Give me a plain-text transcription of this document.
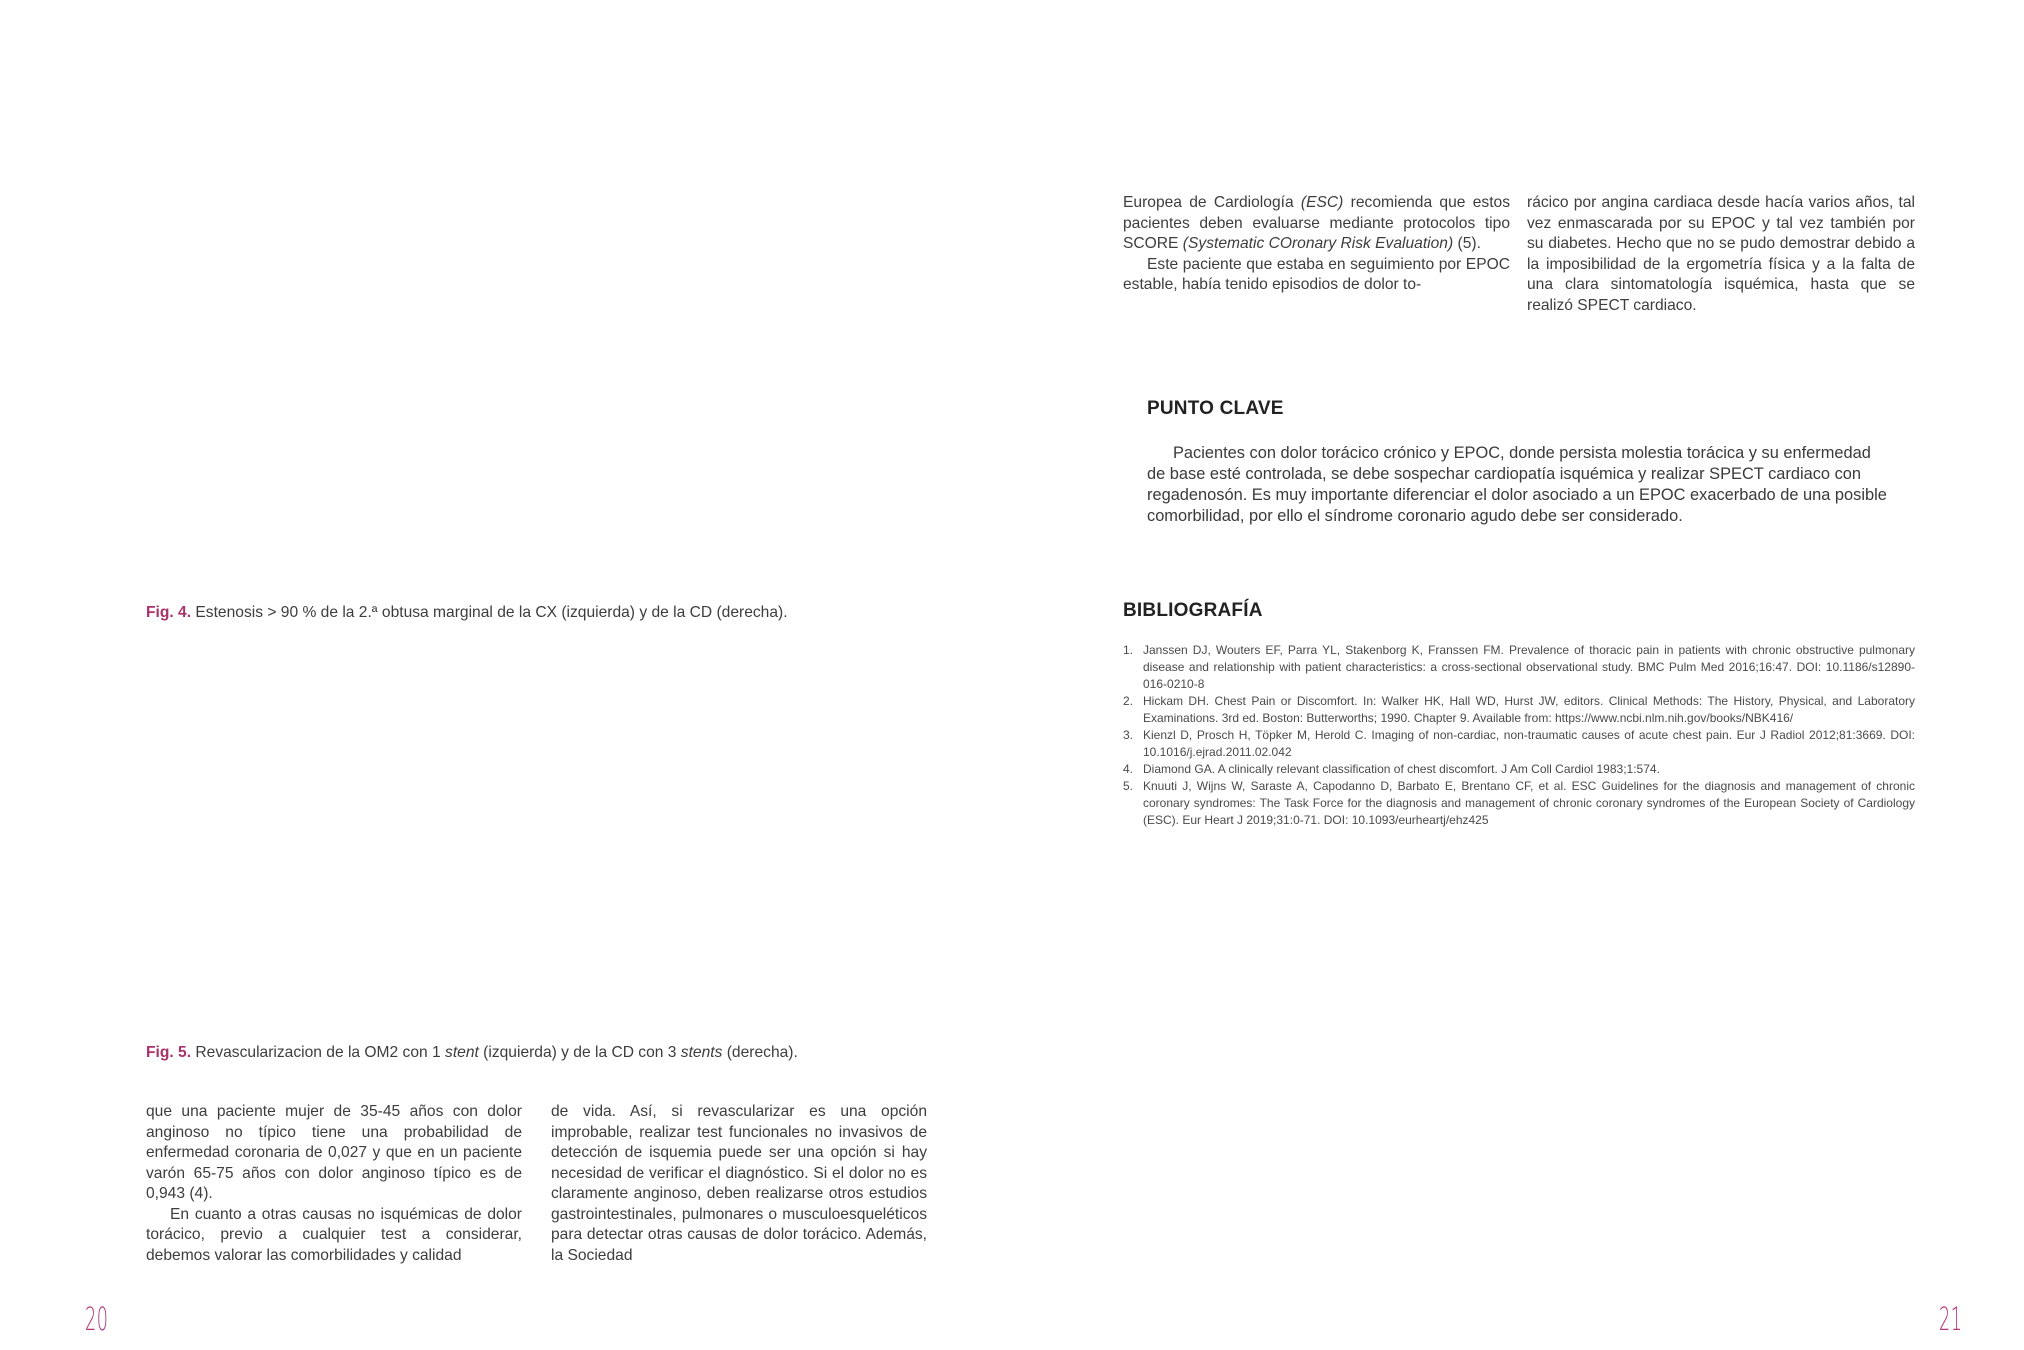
Fig. 4. Estenosis > 90 % de la 2.ª obtusa marginal de la CX (izquierda) y de la CD (derecha).
Fig. 5. Revascularizacion de la OM2 con 1 stent (izquierda) y de la CD con 3 stents (derecha).

que una paciente mujer de 35-45 años con dolor anginoso no típico tiene una probabilidad de enfermedad coronaria de 0,027 y que en un paciente varón 65-75 años con dolor anginoso típico es de 0,943 (4).

En cuanto a otras causas no isquémicas de dolor torácico, previo a cualquier test a considerar, debemos valorar las comorbilidades y calidad

de vida. Así, si revascularizar es una opción improbable, realizar test funcionales no invasivos de detección de isquemia puede ser una opción si hay necesidad de verificar el diagnóstico. Si el dolor no es claramente anginoso, deben realizarse otros estudios gastrointestinales, pulmonares o musculoesqueléticos para detectar otras causas de dolor torácico. Además, la Sociedad

20

Europea de Cardiología (ESC) recomienda que estos pacientes deben evaluarse mediante protocolos tipo SCORE (Systematic COronary Risk Evaluation) (5).

Este paciente que estaba en seguimiento por EPOC estable, había tenido episodios de dolor to-

rácico por angina cardiaca desde hacía varios años, tal vez enmascarada por su EPOC y tal vez también por su diabetes. Hecho que no se pudo demostrar debido a la imposibilidad de la ergometría física y a la falta de una clara sintomatología isquémica, hasta que se realizó SPECT cardiaco.

PUNTO CLAVE

Pacientes con dolor torácico crónico y EPOC, donde persista molestia torácica y su enfermedad de base esté controlada, se debe sospechar cardiopatía isquémica y realizar SPECT cardiaco con regadenosón. Es muy importante diferenciar el dolor asociado a un EPOC exacerbado de una posible comorbilidad, por ello el síndrome coronario agudo debe ser considerado.

BIBLIOGRAFÍA
1. Janssen DJ, Wouters EF, Parra YL, Stakenborg K, Franssen FM. Prevalence of thoracic pain in patients with chronic obstructive pulmonary disease and relationship with patient characteristics: a cross-sectional observational study. BMC Pulm Med 2016;16:47. DOI: 10.1186/s12890-016-0210-8
2. Hickam DH. Chest Pain or Discomfort. In: Walker HK, Hall WD, Hurst JW, editors. Clinical Methods: The History, Physical, and Laboratory Examinations. 3rd ed. Boston: Butterworths; 1990. Chapter 9. Available from: https://www.ncbi.nlm.nih.gov/books/NBK416/
3. Kienzl D, Prosch H, Töpker M, Herold C. Imaging of non-cardiac, non-traumatic causes of acute chest pain. Eur J Radiol 2012;81:3669. DOI: 10.1016/j.ejrad.2011.02.042
4. Diamond GA. A clinically relevant classification of chest discomfort. J Am Coll Cardiol 1983;1:574.
5. Knuuti J, Wijns W, Saraste A, Capodanno D, Barbato E, Brentano CF, et al. ESC Guidelines for the diagnosis and management of chronic coronary syndromes: The Task Force for the diagnosis and management of chronic coronary syndromes of the European Society of Cardiology (ESC). Eur Heart J 2019;31:0-71. DOI: 10.1093/eurheartj/ehz425
21
